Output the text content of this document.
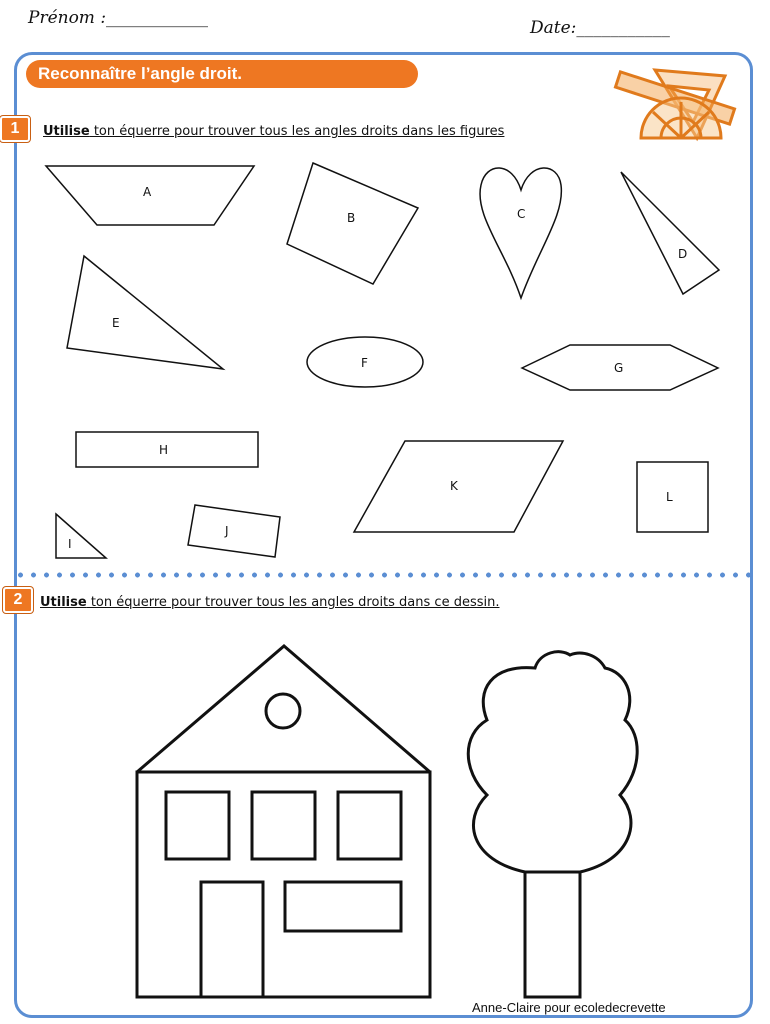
Prénom :____________	Date:___________
Reconnaître l’angle droit.
1	Utilise ton équerre pour trouver tous les angles droits dans les figures
A
B	C
D
E
F	G
H
I
J
K
L
2	Utilise ton équerre pour trouver tous les angles droits dans ce dessin.
Anne-Claire pour ecoledecrevette
